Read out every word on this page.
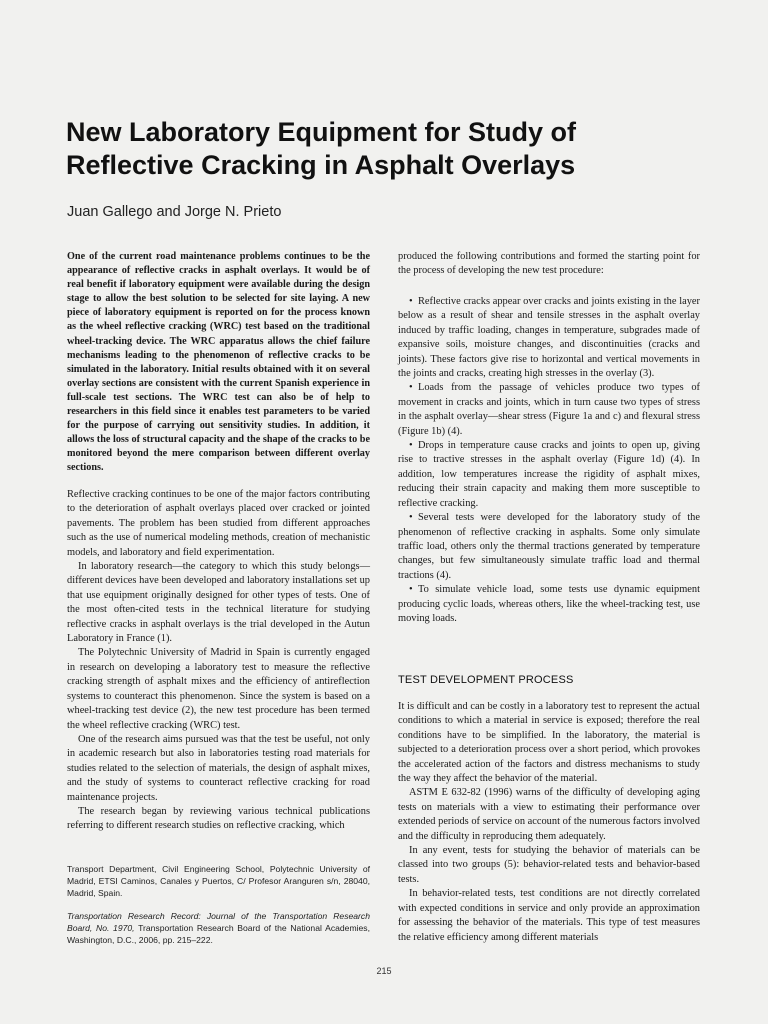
New Laboratory Equipment for Study of Reflective Cracking in Asphalt Overlays
Juan Gallego and Jorge N. Prieto

One of the current road maintenance problems continues to be the appearance of reflective cracks in asphalt overlays. It would be of real benefit if laboratory equipment were available during the design stage to allow the best solution to be selected for site laying. A new piece of laboratory equipment is reported on for the process known as the wheel reflective cracking (WRC) test based on the traditional wheel-tracking device. The WRC apparatus allows the chief failure mechanisms leading to the phenomenon of reflective cracks to be simulated in the laboratory. Initial results obtained with it on several overlay sections are consistent with the current Spanish experience in full-scale test sections. The WRC test can also be of help to researchers in this field since it enables test parameters to be varied for the purpose of carrying out sensitivity studies. In addition, it allows the loss of structural capacity and the shape of the cracks to be monitored beyond the mere comparison between different overlay sections.

Reflective cracking continues to be one of the major factors contributing to the deterioration of asphalt overlays placed over cracked or jointed pavements. The problem has been studied from different approaches such as the use of numerical modeling methods, creation of mechanistic models, and laboratory and field experimentation.

In laboratory research—the category to which this study belongs—different devices have been developed and laboratory installations set up that use equipment originally designed for other types of tests. One of the most often-cited tests in the technical literature for studying reflective cracks in asphalt overlays is the trial developed in the Autun Laboratory in France (1).

The Polytechnic University of Madrid in Spain is currently engaged in research on developing a laboratory test to measure the reflective cracking strength of asphalt mixes and the efficiency of antireflection systems to counteract this phenomenon. Since the system is based on a wheel-tracking test device (2), the new test procedure has been termed the wheel reflective cracking (WRC) test.

One of the research aims pursued was that the test be useful, not only in academic research but also in laboratories testing road materials for studies related to the selection of materials, the design of asphalt mixes, and the study of systems to counteract reflective cracking for road maintenance projects.

The research began by reviewing various technical publications referring to different research studies on reflective cracking, which

produced the following contributions and formed the starting point for the process of developing the new test procedure:

• Reflective cracks appear over cracks and joints existing in the layer below as a result of shear and tensile stresses in the asphalt overlay induced by traffic loading, changes in temperature, subgrades made of expansive soils, moisture changes, and discontinuities (cracks and joints). These factors give rise to horizontal and vertical movements in the joints and cracks, creating high stresses in the overlay (3).
• Loads from the passage of vehicles produce two types of movement in cracks and joints, which in turn cause two types of stress in the asphalt overlay—shear stress (Figure 1a and c) and flexural stress (Figure 1b) (4).
• Drops in temperature cause cracks and joints to open up, giving rise to tractive stresses in the asphalt overlay (Figure 1d) (4). In addition, low temperatures increase the rigidity of asphalt mixes, reducing their strain capacity and making them more susceptible to reflective cracking.
• Several tests were developed for the laboratory study of the phenomenon of reflective cracking in asphalts. Some only simulate traffic load, others only the thermal tractions generated by temperature changes, but few simultaneously simulate traffic load and thermal tractions (4).
• To simulate vehicle load, some tests use dynamic equipment producing cyclic loads, whereas others, like the wheel-tracking test, use moving loads.
TEST DEVELOPMENT PROCESS

It is difficult and can be costly in a laboratory test to represent the actual conditions to which a material in service is exposed; therefore the real conditions have to be simplified. In the laboratory, the material is subjected to a deterioration process over a short period, which provokes the accelerated action of the factors and distress mechanisms to study the way they affect the behavior of the material.

ASTM E 632-82 (1996) warns of the difficulty of developing aging tests on materials with a view to estimating their performance over extended periods of service on account of the numerous factors involved and the difficulty in reproducing them adequately.

In any event, tests for studying the behavior of materials can be classed into two groups (5): behavior-related tests and behavior-based tests.

In behavior-related tests, test conditions are not directly correlated with expected conditions in service and only provide an approximation for assessing the behavior of the materials. This type of test measures the relative efficiency among different materials

Transport Department, Civil Engineering School, Polytechnic University of Madrid, ETSI Caminos, Canales y Puertos, C/ Profesor Aranguren s/n, 28040, Madrid, Spain.

Transportation Research Record: Journal of the Transportation Research Board, No. 1970, Transportation Research Board of the National Academies, Washington, D.C., 2006, pp. 215–222.

215
